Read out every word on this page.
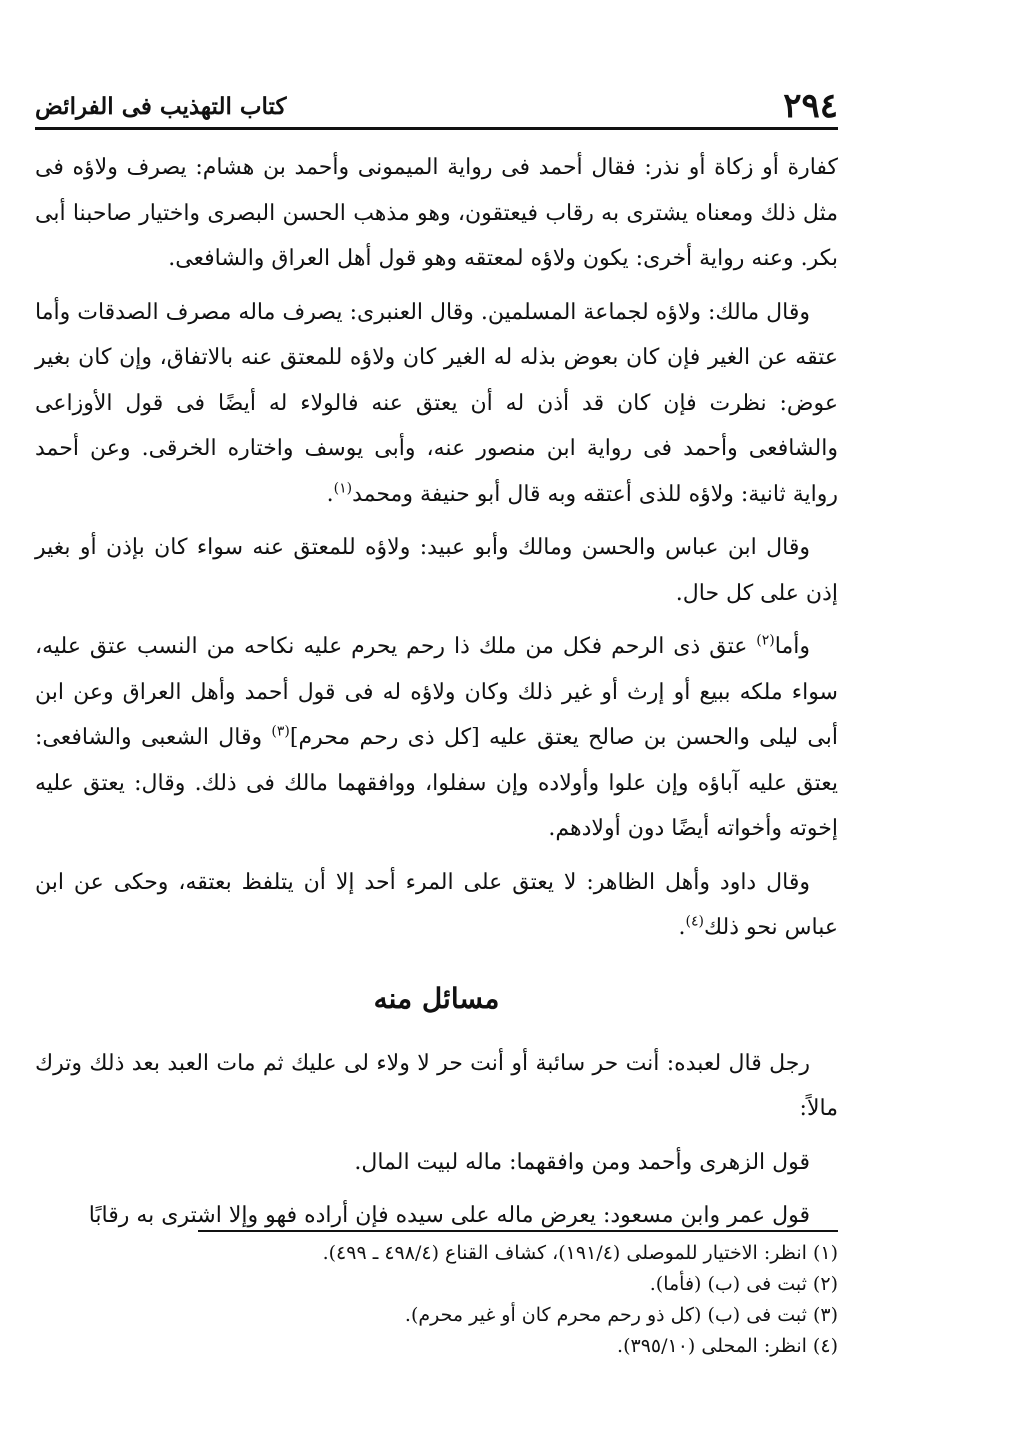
٢٩٤
كتاب التهذيب فى الفرائض

كفارة أو زكاة أو نذر: فقال أحمد فى رواية الميمونى وأحمد بن هشام: يصرف ولاؤه فى مثل ذلك ومعناه يشترى به رقاب فيعتقون، وهو مذهب الحسن البصرى واختيار صاحبنا أبى بكر. وعنه رواية أخرى: يكون ولاؤه لمعتقه وهو قول أهل العراق والشافعى.

وقال مالك: ولاؤه لجماعة المسلمين. وقال العنبرى: يصرف ماله مصرف الصدقات وأما عتقه عن الغير فإن كان بعوض بذله له الغير كان ولاؤه للمعتق عنه بالاتفاق، وإن كان بغير عوض: نظرت فإن كان قد أذن له أن يعتق عنه فالولاء له أيضًا فى قول الأوزاعى والشافعى وأحمد فى رواية ابن منصور عنه، وأبى يوسف واختاره الخرقى. وعن أحمد رواية ثانية: ولاؤه للذى أعتقه وبه قال أبو حنيفة ومحمد$^{(١)}$.

وقال ابن عباس والحسن ومالك وأبو عبيد: ولاؤه للمعتق عنه سواء كان بإذن أو بغير إذن على كل حال.

وأما$^{(٢)}$ عتق ذى الرحم فكل من ملك ذا رحم يحرم عليه نكاحه من النسب عتق عليه، سواء ملكه ببيع أو إرث أو غير ذلك وكان ولاؤه له فى قول أحمد وأهل العراق وعن ابن أبى ليلى والحسن بن صالح يعتق عليه [كل ذى رحم محرم]$^{(٣)}$ وقال الشعبى والشافعى: يعتق عليه آباؤه وإن علوا وأولاده وإن سفلوا، ووافقهما مالك فى ذلك. وقال: يعتق عليه إخوته وأخواته أيضًا دون أولادهم.

وقال داود وأهل الظاهر: لا يعتق على المرء أحد إلا أن يتلفظ بعتقه، وحكى عن ابن عباس نحو ذلك$^{(٤)}$.

مسائل منه

رجل قال لعبده: أنت حر سائبة أو أنت حر لا ولاء لى عليك ثم مات العبد بعد ذلك وترك مالاً:

قول الزهرى وأحمد ومن وافقهما: ماله لبيت المال.

قول عمر وابن مسعود: يعرض ماله على سيده فإن أراده فهو وإلا اشترى به رقابًا

(١) انظر: الاختيار للموصلى (١٩١/٤)، كشاف القناع (٤٩٨/٤ ـ ٤٩٩).
(٢) ثبت فى (ب) (فأما).
(٣) ثبت فى (ب) (كل ذو رحم محرم كان أو غير محرم).
(٤) انظر: المحلى (٣٩٥/١٠).
